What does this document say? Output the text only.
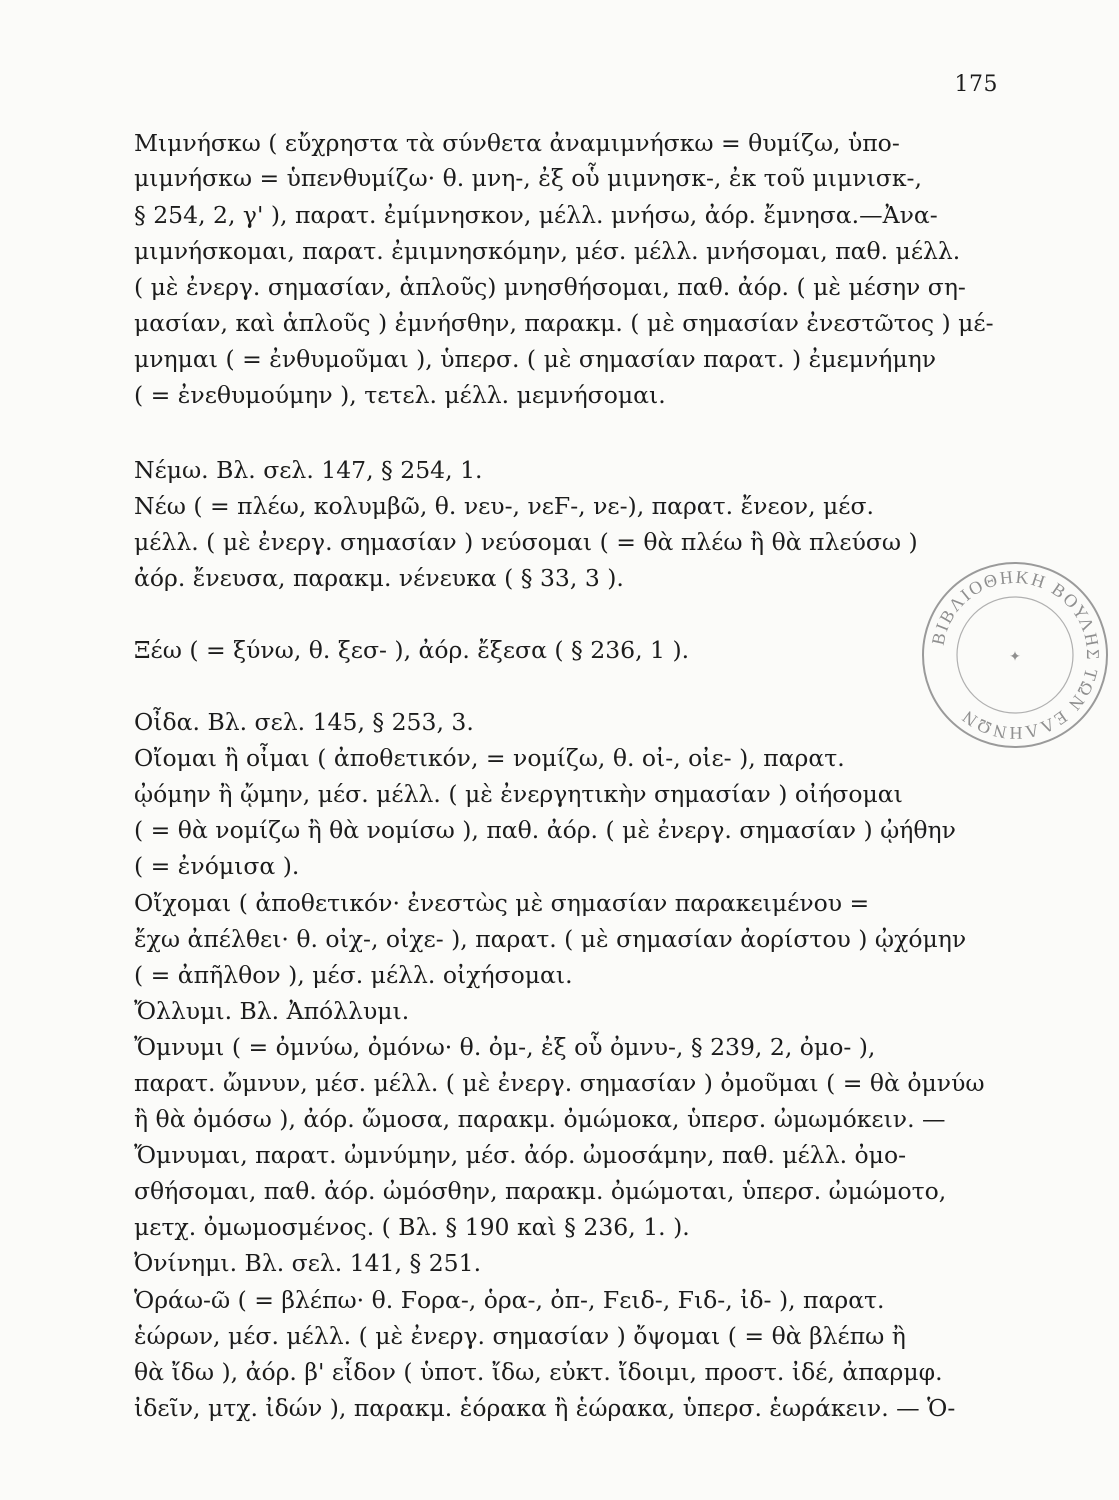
175
Μιμνήσκω ( εὔχρηστα τὰ σύνθετα ἀναμιμνήσκω = θυμίζω, ὑπο-
μιμνήσκω = ὑπενθυμίζω· θ. μνη-, ἐξ οὗ μιμνησκ-, ἐκ τοῦ μιμνισκ-,
§ 254, 2, γ' ), παρατ. ἐμίμνησκον, μέλλ. μνήσω, ἀόρ. ἔμνησα.—Ἀνα-
μιμνήσκομαι, παρατ. ἐμιμνησκόμην, μέσ. μέλλ. μνήσομαι, παθ. μέλλ.
( μὲ ἐνεργ. σημασίαν, ἁπλοῦς) μνησθήσομαι, παθ. ἀόρ. ( μὲ μέσην ση-
μασίαν, καὶ ἁπλοῦς ) ἐμνήσθην, παρακμ. ( μὲ σημασίαν ἐνεστῶτος ) μέ-
μνημαι ( = ἐνθυμοῦμαι ), ὑπερσ. ( μὲ σημασίαν παρατ. ) ἐμεμνήμην
( = ἐνεθυμούμην ), τετελ. μέλλ. μεμνήσομαι.
Νέμω. Βλ. σελ. 147, § 254, 1.
Νέω ( = πλέω, κολυμβῶ, θ. νευ-, νεϜ-, νε-), παρατ. ἔνεον, μέσ.
μέλλ. ( μὲ ἐνεργ. σημασίαν ) νεύσομαι ( = θὰ πλέω ἢ θὰ πλεύσω )
ἀόρ. ἔνευσα, παρακμ. νένευκα ( § 33, 3 ).
Ξέω ( = ξύνω, θ. ξεσ- ), ἀόρ. ἔξεσα ( § 236, 1 ).
Οἶδα. Βλ. σελ. 145, § 253, 3.
Οἴομαι ἢ οἶμαι ( ἀποθετικόν, = νομίζω, θ. οἰ-, οἰε- ), παρατ.
ᾠόμην ἢ ᾤμην, μέσ. μέλλ. ( μὲ ἐνεργητικὴν σημασίαν ) οἰήσομαι
( = θὰ νομίζω ἢ θὰ νομίσω ), παθ. ἀόρ. ( μὲ ἐνεργ. σημασίαν ) ᾠήθην
( = ἐνόμισα ).
Οἴχομαι ( ἀποθετικόν· ἐνεστὼς μὲ σημασίαν παρακειμένου =
ἔχω ἀπέλθει· θ. οἰχ-, οἰχε- ), παρατ. ( μὲ σημασίαν ἀορίστου ) ᾠχόμην
( = ἀπῆλθον ), μέσ. μέλλ. οἰχήσομαι.
Ὄλλυμι. Βλ. Ἀπόλλυμι.
Ὄμνυμι ( = ὀμνύω, ὀμόνω· θ. ὀμ-, ἐξ οὗ ὀμνυ-, § 239, 2, ὀμο- ),
παρατ. ὤμνυν, μέσ. μέλλ. ( μὲ ἐνεργ. σημασίαν ) ὀμοῦμαι ( = θὰ ὀμνύω
ἢ θὰ ὀμόσω ), ἀόρ. ὤμοσα, παρακμ. ὀμώμοκα, ὑπερσ. ὠμωμόκειν. —
Ὄμνυμαι, παρατ. ὠμνύμην, μέσ. ἀόρ. ὠμοσάμην, παθ. μέλλ. ὀμο-
σθήσομαι, παθ. ἀόρ. ὠμόσθην, παρακμ. ὀμώμοται, ὑπερσ. ὠμώμοτο,
μετχ. ὀμωμοσμένος. ( Βλ. § 190 καὶ § 236, 1. ).
Ὀνίνημι. Βλ. σελ. 141, § 251.
Ὁράω-ῶ ( = βλέπω· θ. Ϝορα-, ὁρα-, ὀπ-, Ϝειδ-, Ϝιδ-, ἰδ- ), παρατ.
ἑώρων, μέσ. μέλλ. ( μὲ ἐνεργ. σημασίαν ) ὄψομαι ( = θὰ βλέπω ἢ
θὰ ἴδω ), ἀόρ. β' εἶδον ( ὑποτ. ἴδω, εὐκτ. ἴδοιμι, προστ. ἰδέ, ἀπαρμφ.
ἰδεῖν, μτχ. ἰδών ), παρακμ. ἑόρακα ἢ ἑώρακα, ὑπερσ. ἑωράκειν. — Ὁ-
ΒΙΒΛΙΟΘΗΚΗ ΒΟΥΛΗΣ ΤΩΝ ΕΛΛΗΝΩΝ
✦
